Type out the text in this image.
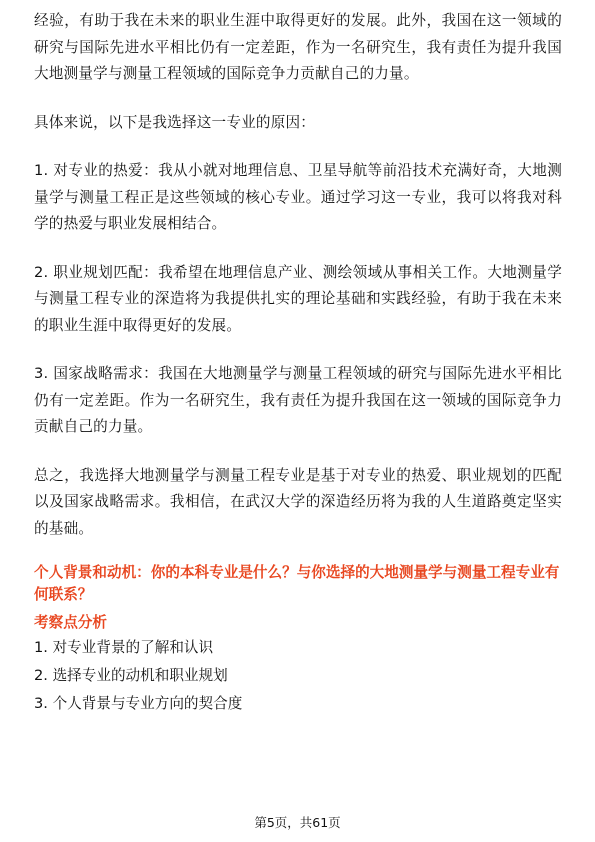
经验，有助于我在未来的职业生涯中取得更好的发展。此外，我国在这一领域的研究与国际先进水平相比仍有一定差距，作为一名研究生，我有责任为提升我国大地测量学与测量工程领域的国际竞争力贡献自己的力量。

具体来说，以下是我选择这一专业的原因：

1. 对专业的热爱：我从小就对地理信息、卫星导航等前沿技术充满好奇，大地测量学与测量工程正是这些领域的核心专业。通过学习这一专业，我可以将我对科学的热爱与职业发展相结合。

2. 职业规划匹配：我希望在地理信息产业、测绘领域从事相关工作。大地测量学与测量工程专业的深造将为我提供扎实的理论基础和实践经验，有助于我在未来的职业生涯中取得更好的发展。

3. 国家战略需求：我国在大地测量学与测量工程领域的研究与国际先进水平相比仍有一定差距。作为一名研究生，我有责任为提升我国在这一领域的国际竞争力贡献自己的力量。

总之，我选择大地测量学与测量工程专业是基于对专业的热爱、职业规划的匹配以及国家战略需求。我相信，在武汉大学的深造经历将为我的人生道路奠定坚实的基础。

个人背景和动机：你的本科专业是什么？与你选择的大地测量学与测量工程专业有何联系？

考察点分析

1. 对专业背景的了解和认识

2. 选择专业的动机和职业规划

3. 个人背景与专业方向的契合度

第5页，共61页
